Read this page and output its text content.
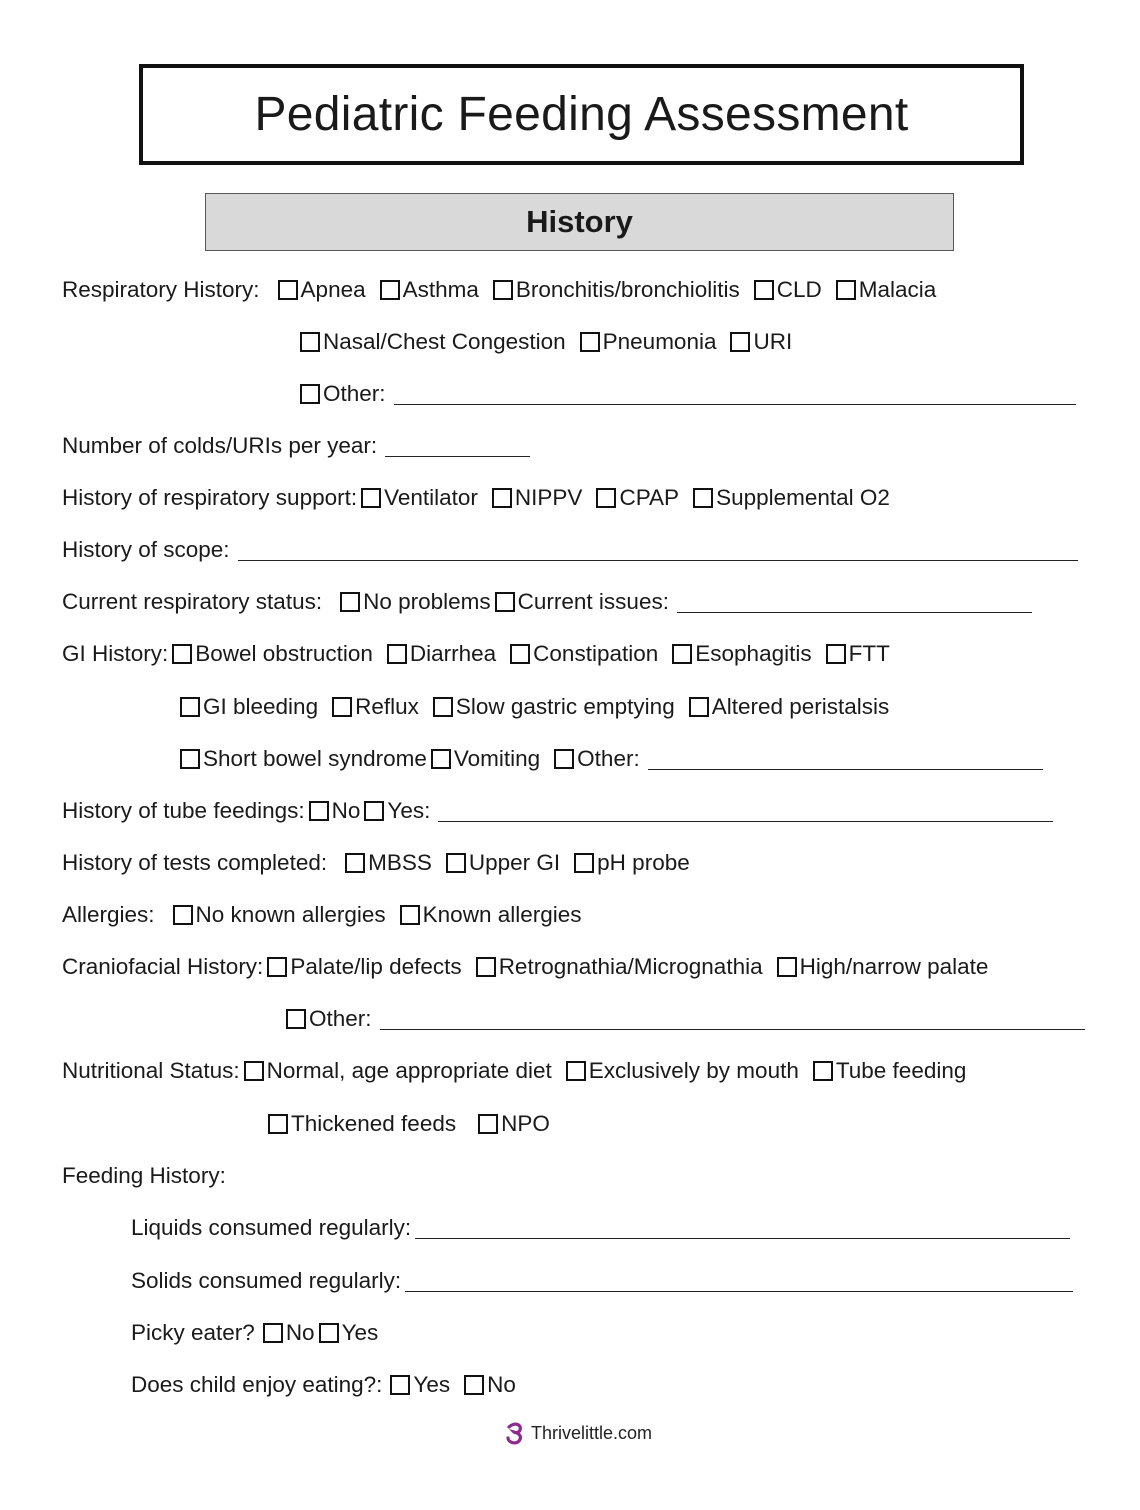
Pediatric Feeding Assessment
History
Respiratory History: Apnea Asthma Bronchitis/bronchiolitis CLD Malacia
Nasal/Chest Congestion Pneumonia URI
Other:
Number of colds/URIs per year:
History of respiratory support: Ventilator NIPPV CPAP Supplemental O2
History of scope:
Current respiratory status: No problems Current issues:
GI History: Bowel obstruction Diarrhea Constipation Esophagitis FTT
GI bleeding Reflux Slow gastric emptying Altered peristalsis
Short bowel syndrome Vomiting Other:
History of tube feedings: No Yes:
History of tests completed: MBSS Upper GI pH probe
Allergies: No known allergies Known allergies
Craniofacial History: Palate/lip defects Retrognathia/Micrognathia High/narrow palate
Other:
Nutritional Status: Normal, age appropriate diet Exclusively by mouth Tube feeding
Thickened feeds NPO
Feeding History:
Liquids consumed regularly:
Solids consumed regularly:
Picky eater? No Yes
Does child enjoy eating?: Yes No
Thrivelittle.com
